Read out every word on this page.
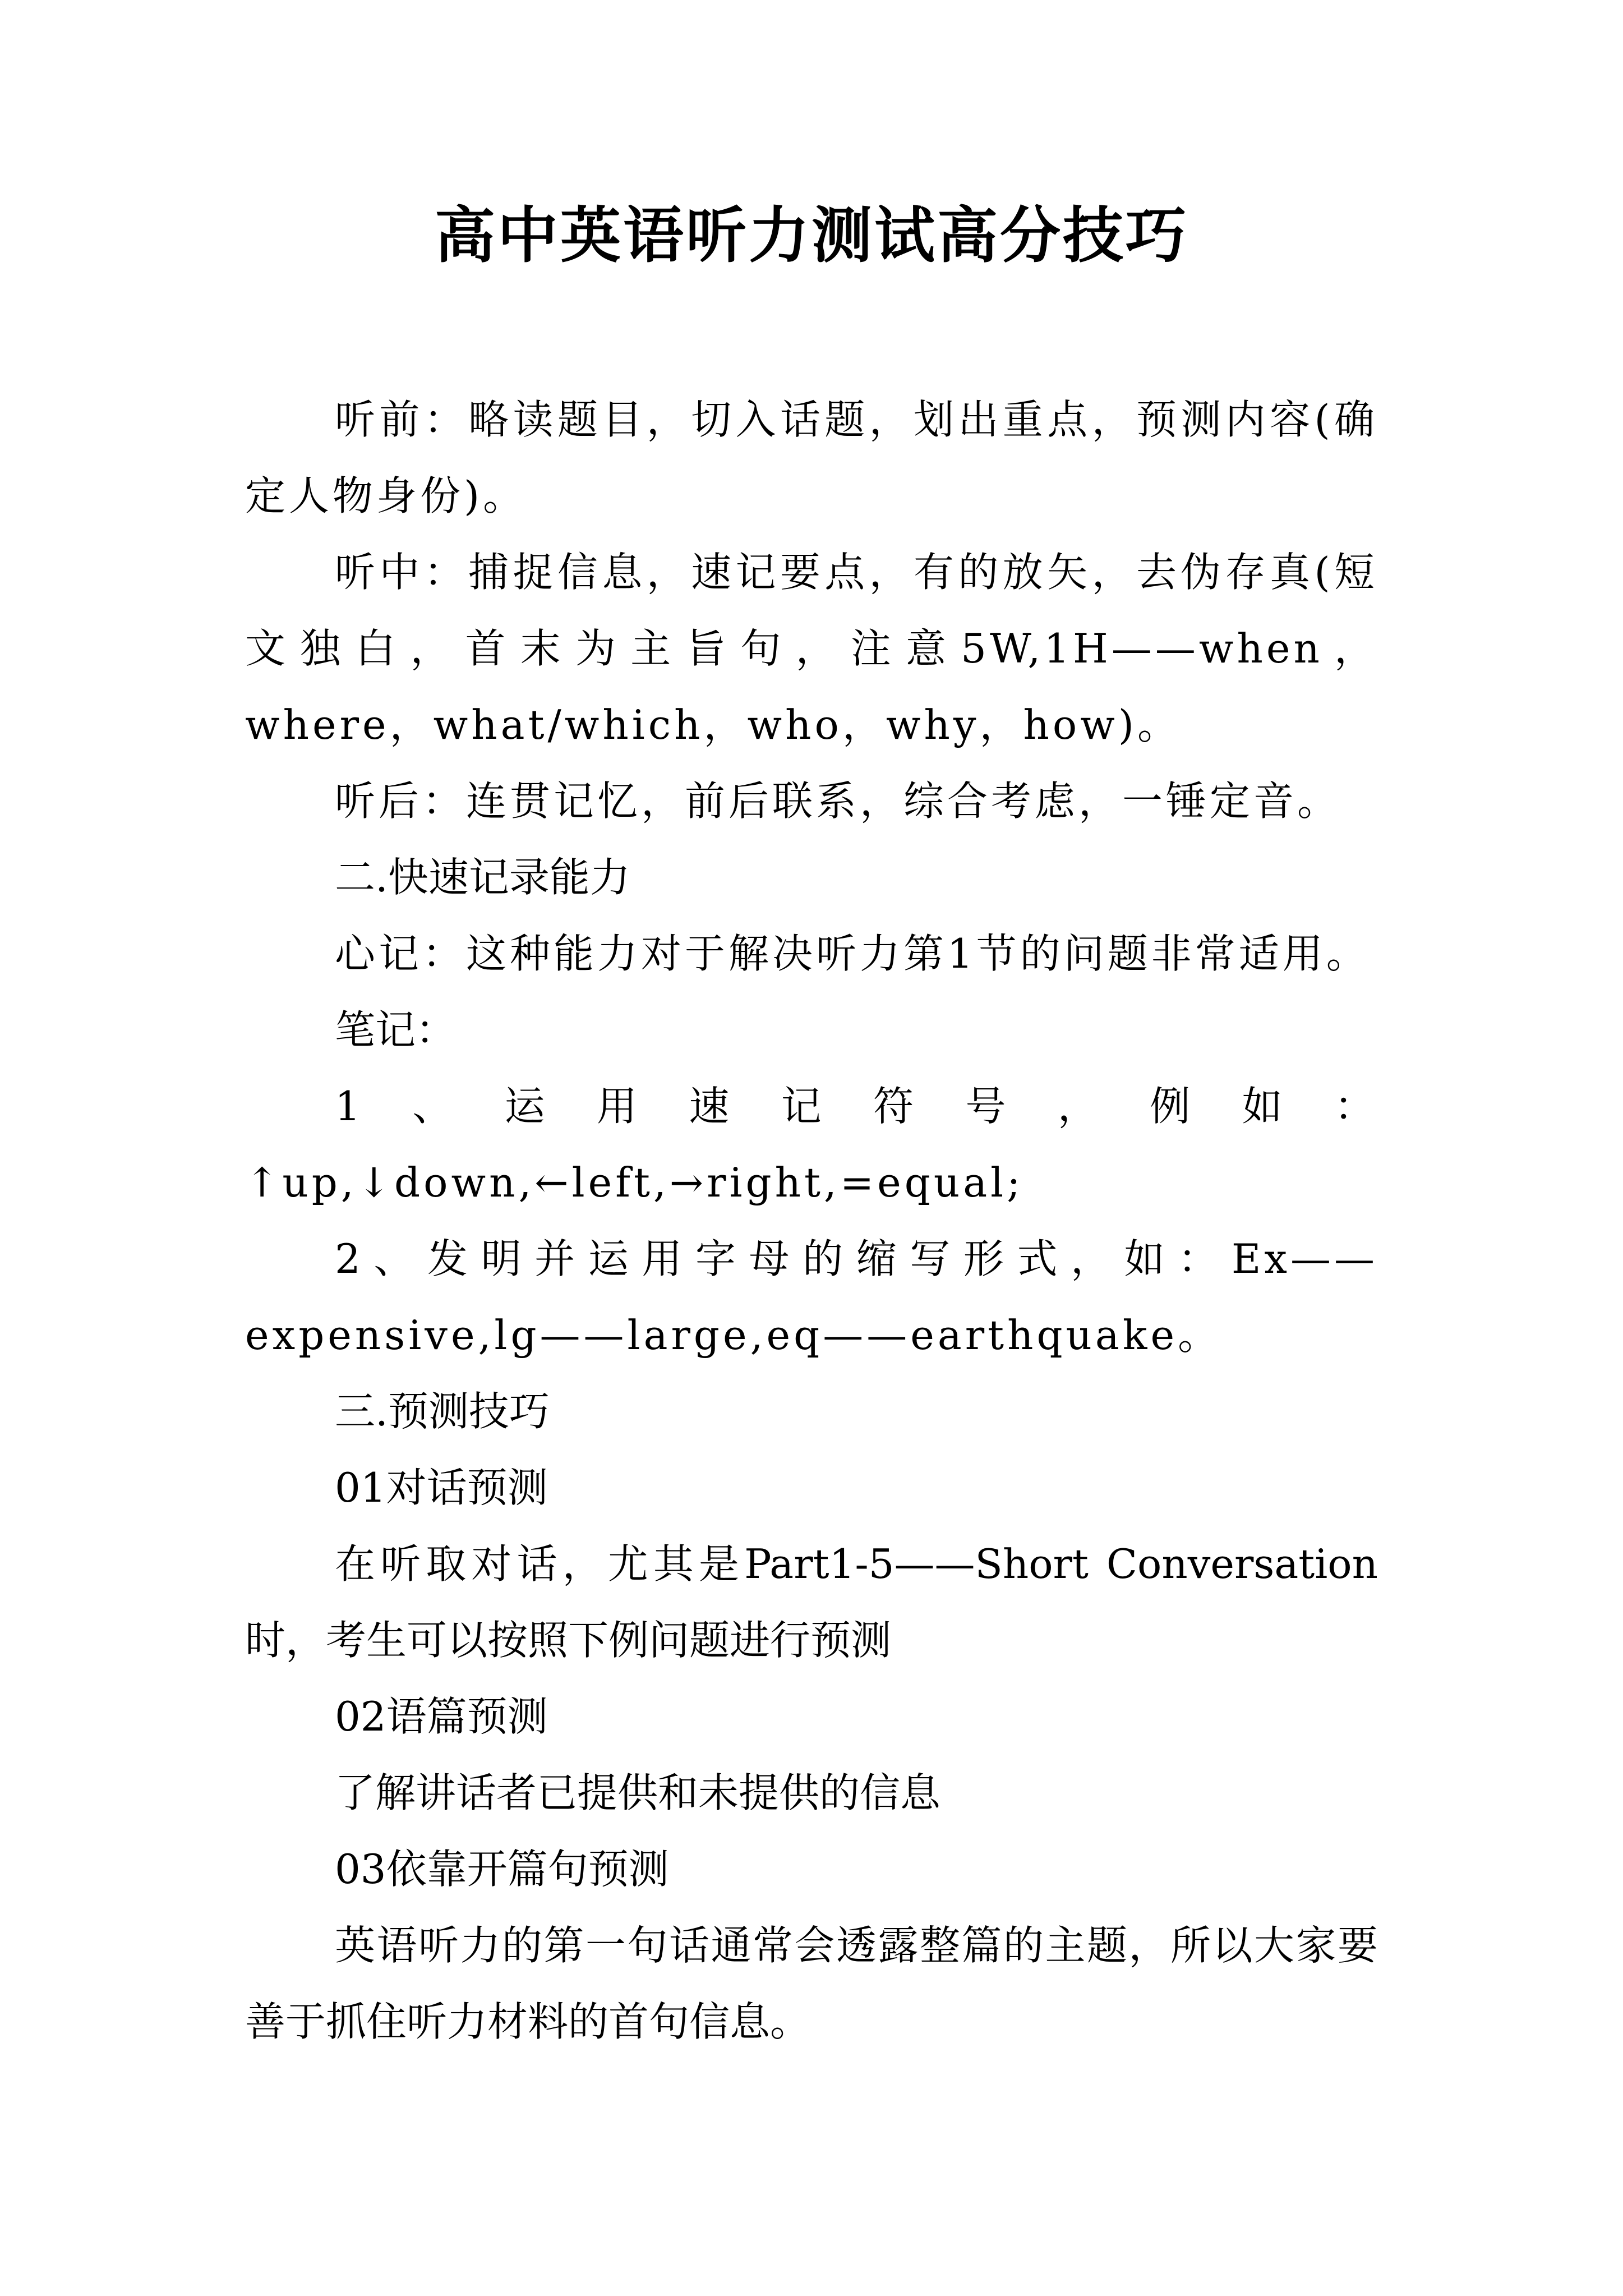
高中英语听力测试高分技巧

听前：略读题目，切入话题，划出重点，预测内容(确定人物身份)。

听中：捕捉信息，速记要点，有的放矢，去伪存真(短文独白，首末为主旨句，注意5W,1H——when，where，what/which，who，why，how)。

听后：连贯记忆，前后联系，综合考虑，一锤定音。

二.快速记录能力

心记：这种能力对于解决听力第1节的问题非常适用。

笔记：

1、运用速记符号，例如：↑up,↓down,←left,→right,=equal;

2、发明并运用字母的缩写形式，如：Ex——expensive,lg——large,eq——earthquake。

三.预测技巧

01对话预测

在听取对话，尤其是Part1-5——Short Conversation时，考生可以按照下例问题进行预测

02语篇预测

了解讲话者已提供和未提供的信息

03依靠开篇句预测

英语听力的第一句话通常会透露整篇的主题，所以大家要善于抓住听力材料的首句信息。
